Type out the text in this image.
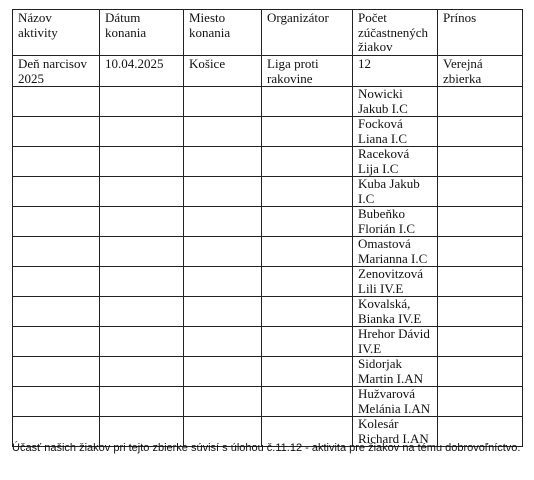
Názov aktivity	Dátum konania	Miesto konania	Organizátor	Počet zúčastnených žiakov	Prínos
Deň narcisov 2025	10.04.2025	Košice	Liga proti rakovine	12	Verejná zbierka
				Nowicki Jakub I.C	
				Focková Liana I.C	
				Raceková Lija I.C	
				Kuba Jakub I.C	
				Bubeňko Florián I.C	
				Omastová Marianna I.C	
				Zenovitzová Lili IV.E	
				Kovalská, Bianka IV.E	
				Hrehor Dávid IV.E	
				Sidorjak Martin I.AN	
				Hužvarová Melánia I.AN	
				Kolesár Richard I.AN	
Účasť našich žiakov pri tejto zbierke súvisí s úlohou č.11.12 - aktivita pre žiakov na tému dobrovoľníctvo.
